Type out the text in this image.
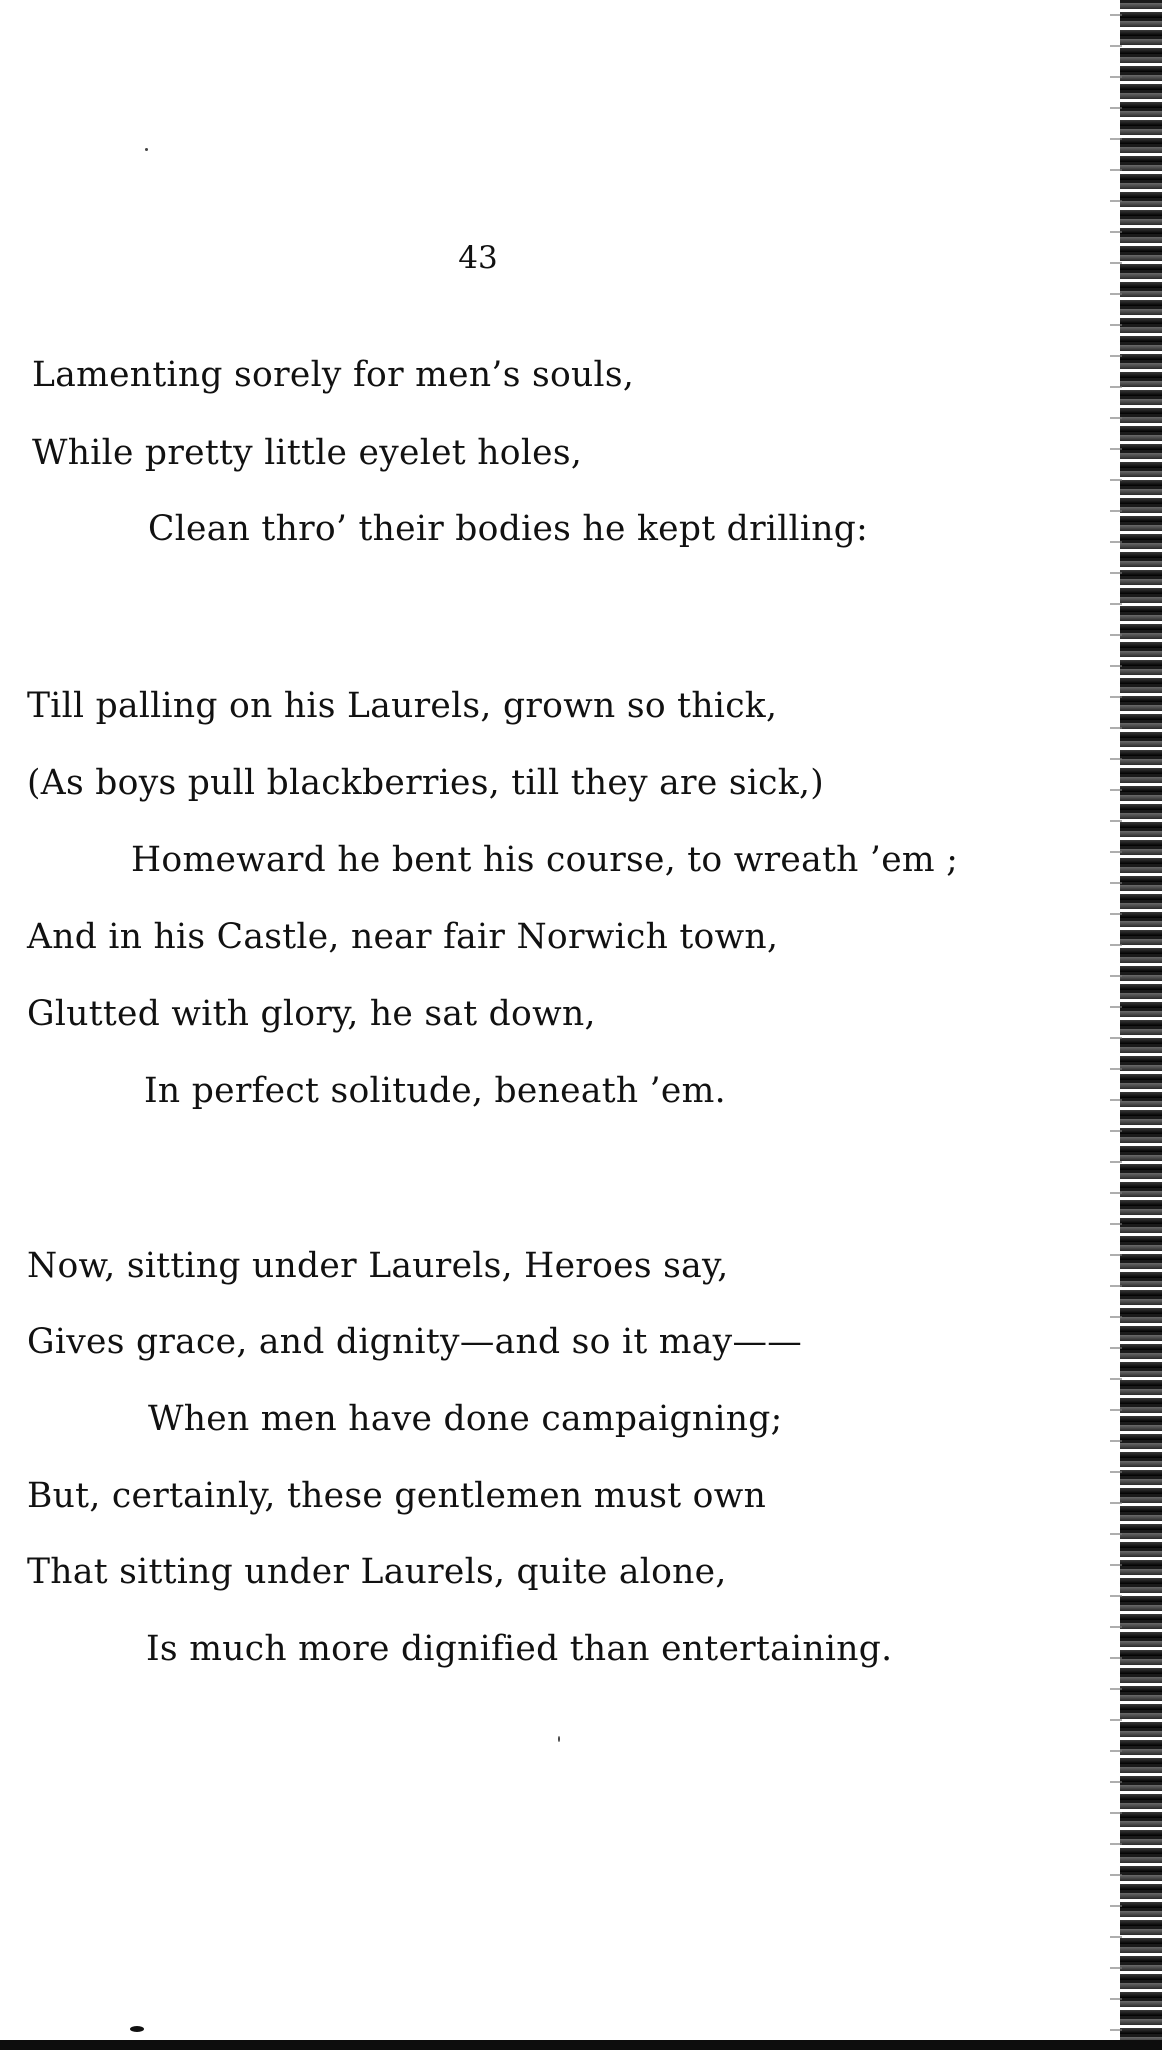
43
Lamenting sorely for men’s souls,
While pretty little eyelet holes,
Clean thro’ their bodies he kept drilling:
Till palling on his Laurels, grown so thick,
(As boys pull blackberries, till they are sick,)
Homeward he bent his course, to wreath ’em ;
And in his Castle, near fair Norwich town,
Glutted with glory, he sat down,
In perfect solitude, beneath ’em.
Now, sitting under Laurels, Heroes say,
Gives grace, and dignity—and so it may——
When men have done campaigning;
But, certainly, these gentlemen must own
That sitting under Laurels, quite alone,
Is much more dignified than entertaining.
